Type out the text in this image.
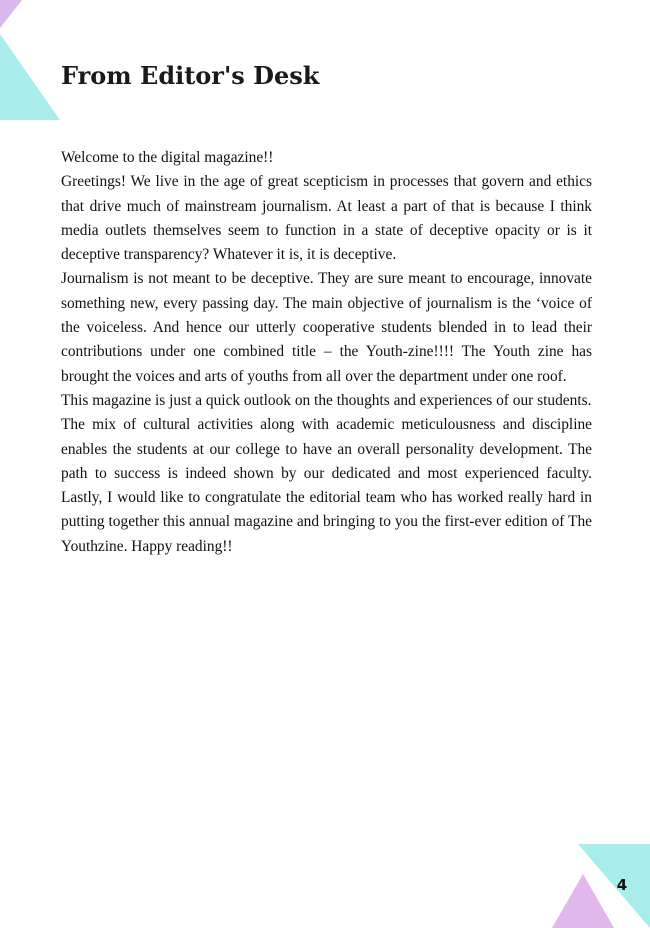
From Editor's Desk

Welcome to the digital magazine!!

Greetings! We live in the age of great scepticism in processes that govern and ethics that drive much of mainstream journalism. At least a part of that is because I think media outlets themselves seem to function in a state of deceptive opacity or is it deceptive transparency? Whatever it is, it is deceptive.

Journalism is not meant to be deceptive. They are sure meant to encourage, innovate something new, every passing day. The main objective of journalism is the ‘voice of the voiceless. And hence our utterly cooperative students blended in to lead their contributions under one combined title – the Youth-zine!!!! The Youth zine has brought the voices and arts of youths from all over the department under one roof.

This magazine is just a quick outlook on the thoughts and experiences of our students.

The mix of cultural activities along with academic meticulousness and discipline enables the students at our college to have an overall personality development. The path to success is indeed shown by our dedicated and most experienced faculty. Lastly, I would like to congratulate the editorial team who has worked really hard in putting together this annual magazine and bringing to you the first-ever edition of The Youthzine. Happy reading!!

4
